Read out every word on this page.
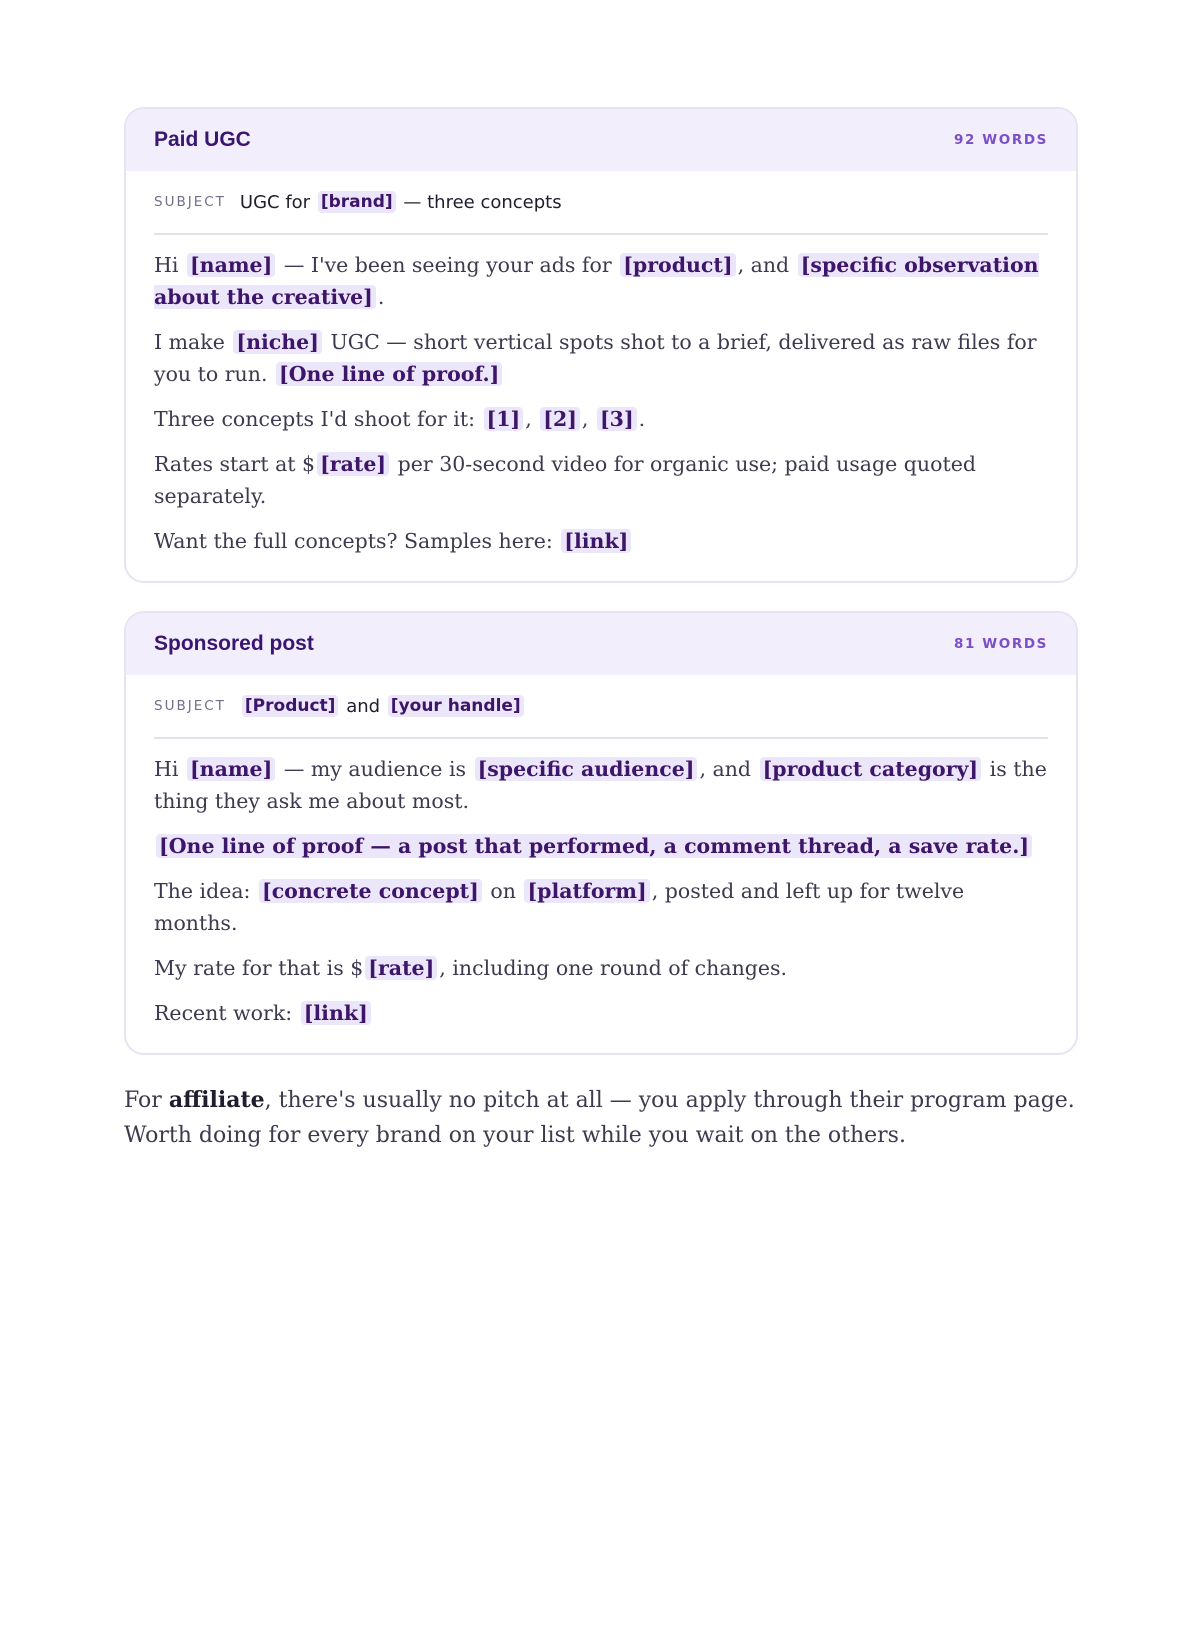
Paid UGC	92 WORDS
SUBJECT UGC for
[brand]
— three concepts

Hi [name] — I've been seeing your ads for [product] , and [specific observation about the creative] .

I make [niche] UGC — short vertical spots shot to a brief, delivered as raw files for you to run. [One line of proof.]

Three concepts I'd shoot for it: [1] , [2] , [3] .

Rates start at $ [rate] per 30-second video for organic use; paid usage quoted separately.

Want the full concepts? Samples here: [link]

Sponsored post	81 WORDS
SUBJECT [Product]
and
[your handle]

Hi [name] — my audience is [specific audience] , and [product category] is the thing they ask me about most.

[One line of proof — a post that performed, a comment thread, a save rate.]

The idea: [concrete concept] on [platform] , posted and left up for twelve months.

My rate for that is $ [rate] , including one round of changes.

Recent work: [link]

For affiliate, there's usually no pitch at all — you apply through their program page. Worth doing for every brand on your list while you wait on the others.
